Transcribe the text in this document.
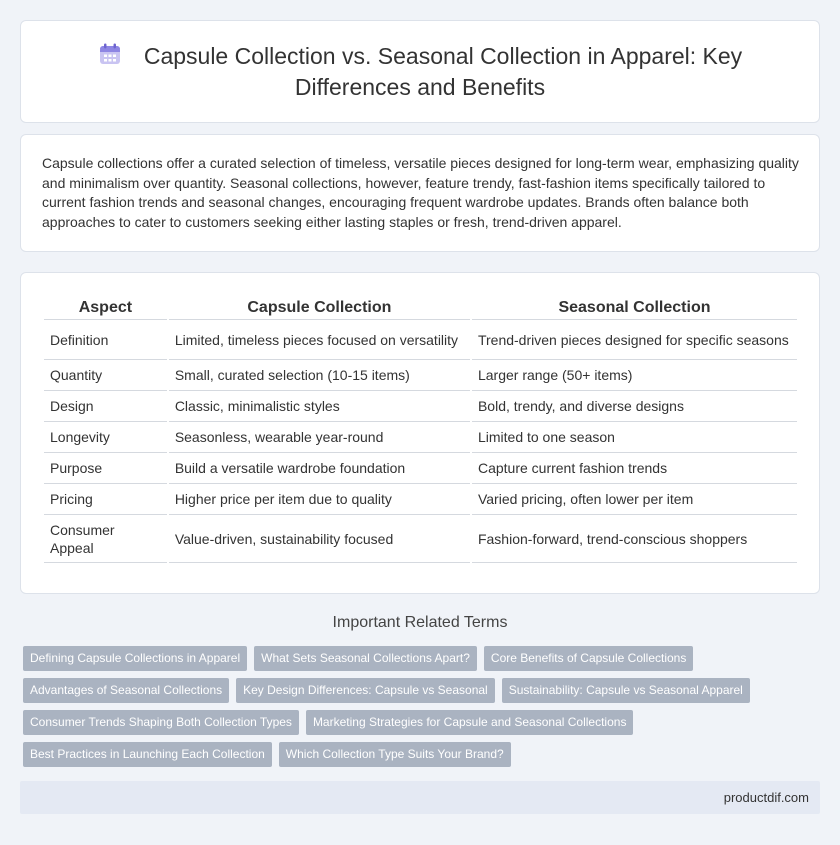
Capsule Collection vs. Seasonal Collection in Apparel: Key Differences and Benefits

Capsule collections offer a curated selection of timeless, versatile pieces designed for long-term wear, emphasizing quality and minimalism over quantity. Seasonal collections, however, feature trendy, fast-fashion items specifically tailored to current fashion trends and seasonal changes, encouraging frequent wardrobe updates. Brands often balance both approaches to cater to customers seeking either lasting staples or fresh, trend-driven apparel.

Aspect	Capsule Collection	Seasonal Collection
Definition	Limited, timeless pieces focused on versatility	Trend-driven pieces designed for specific seasons
Quantity	Small, curated selection (10-15 items)	Larger range (50+ items)
Design	Classic, minimalistic styles	Bold, trendy, and diverse designs
Longevity	Seasonless, wearable year-round	Limited to one season
Purpose	Build a versatile wardrobe foundation	Capture current fashion trends
Pricing	Higher price per item due to quality	Varied pricing, often lower per item
Consumer Appeal	Value-driven, sustainability focused	Fashion-forward, trend-conscious shoppers
Important Related Terms
Defining Capsule Collections in Apparel	What Sets Seasonal Collections Apart?	Core Benefits of Capsule Collections
Advantages of Seasonal Collections	Key Design Differences: Capsule vs Seasonal	Sustainability: Capsule vs Seasonal Apparel
Consumer Trends Shaping Both Collection Types	Marketing Strategies for Capsule and Seasonal Collections
Best Practices in Launching Each Collection	Which Collection Type Suits Your Brand?
productdif.com
